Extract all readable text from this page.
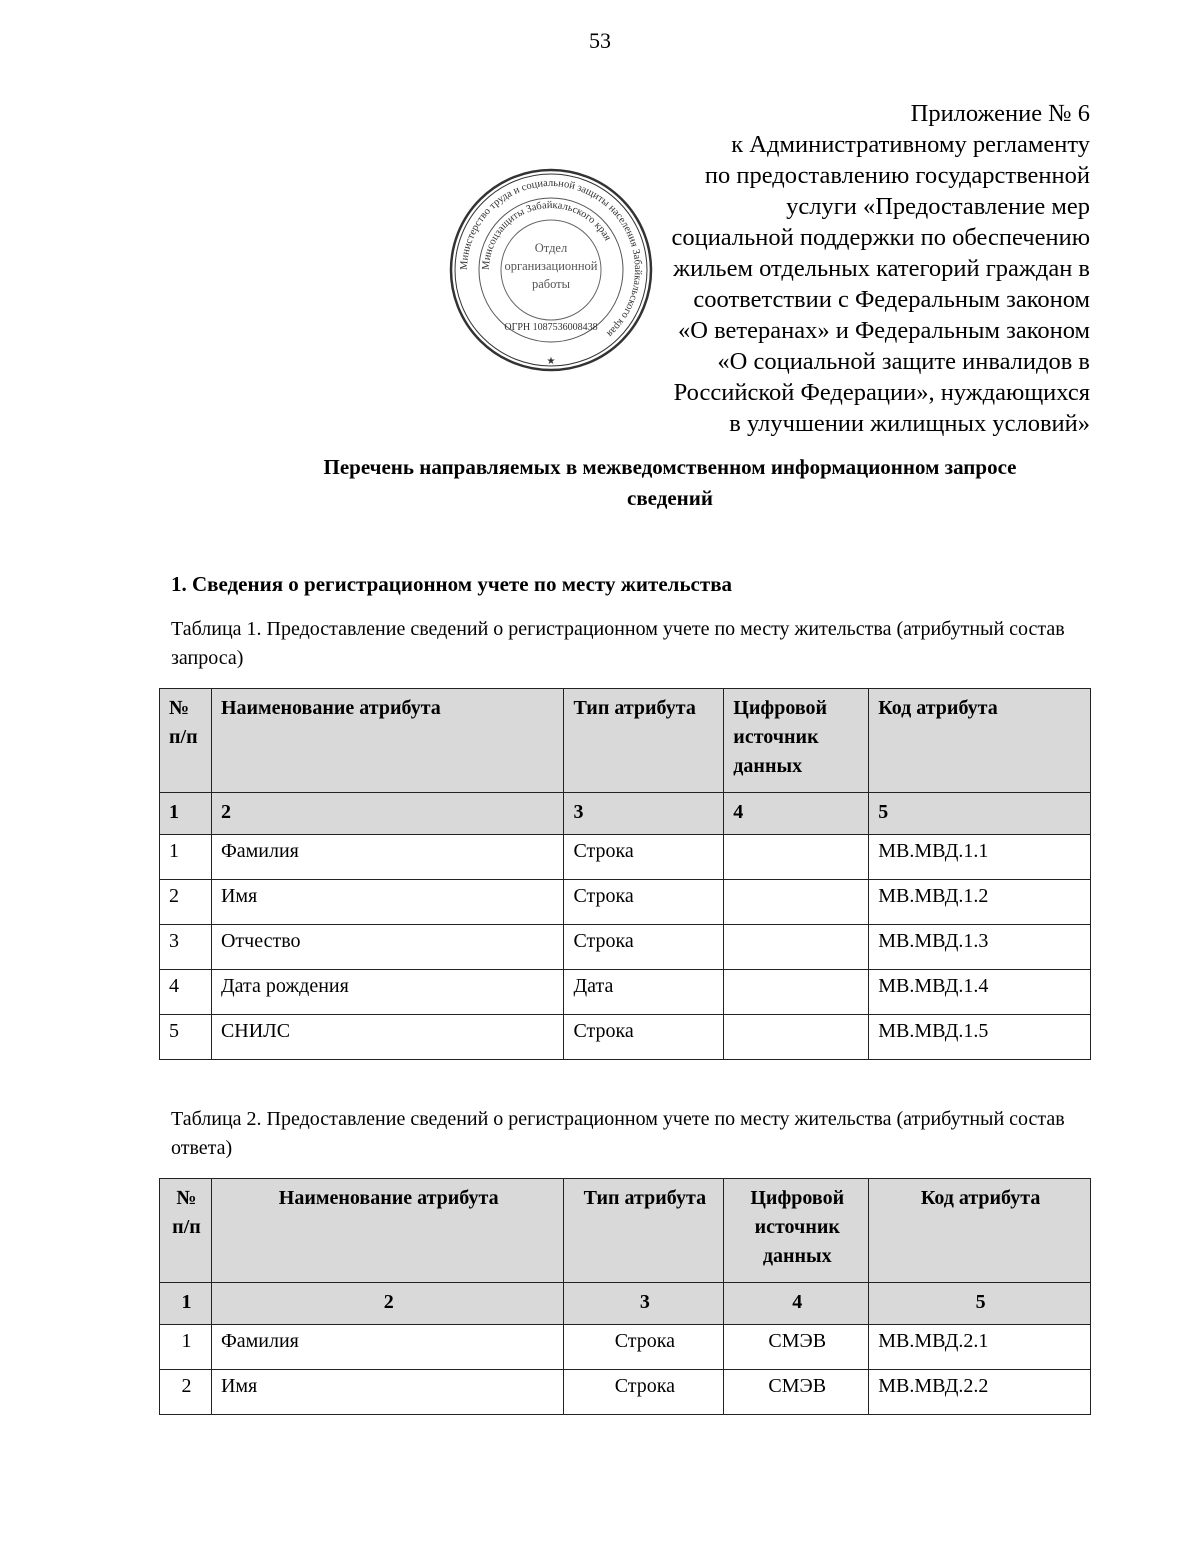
53
Министерство труда и социальной защиты населения Забайкальского края
Минсоцзащиты Забайкальского края
Отдел
организационной
работы
ОГРН 1087536008438
★
Приложение № 6
к Административному регламенту
по предоставлению государственной
услуги «Предоставление мер
социальной поддержки по обеспечению
жильем отдельных категорий граждан в
соответствии с Федеральным законом
«О ветеранах» и Федеральным законом
«О социальной защите инвалидов в
Российской Федерации», нуждающихся
в улучшении жилищных условий»
Перечень направляемых в межведомственном информационном запросе
сведений
1. Сведения о регистрационном учете по месту жительства
Таблица 1. Предоставление сведений о регистрационном учете по месту жительства (атрибутный состав запроса)
№ п/п	Наименование атрибута	Тип атрибута	Цифровой источник данных	Код атрибута
1	2	3	4	5
1	Фамилия	Строка		МВ.МВД.1.1
2	Имя	Строка		МВ.МВД.1.2
3	Отчество	Строка		МВ.МВД.1.3
4	Дата рождения	Дата		МВ.МВД.1.4
5	СНИЛС	Строка		МВ.МВД.1.5
Таблица 2. Предоставление сведений о регистрационном учете по месту жительства (атрибутный состав ответа)
№ п/п	Наименование атрибута	Тип атрибута	Цифровой источник данных	Код атрибута
1	2	3	4	5
1	Фамилия	Строка	СМЭВ	МВ.МВД.2.1
2	Имя	Строка	СМЭВ	МВ.МВД.2.2
